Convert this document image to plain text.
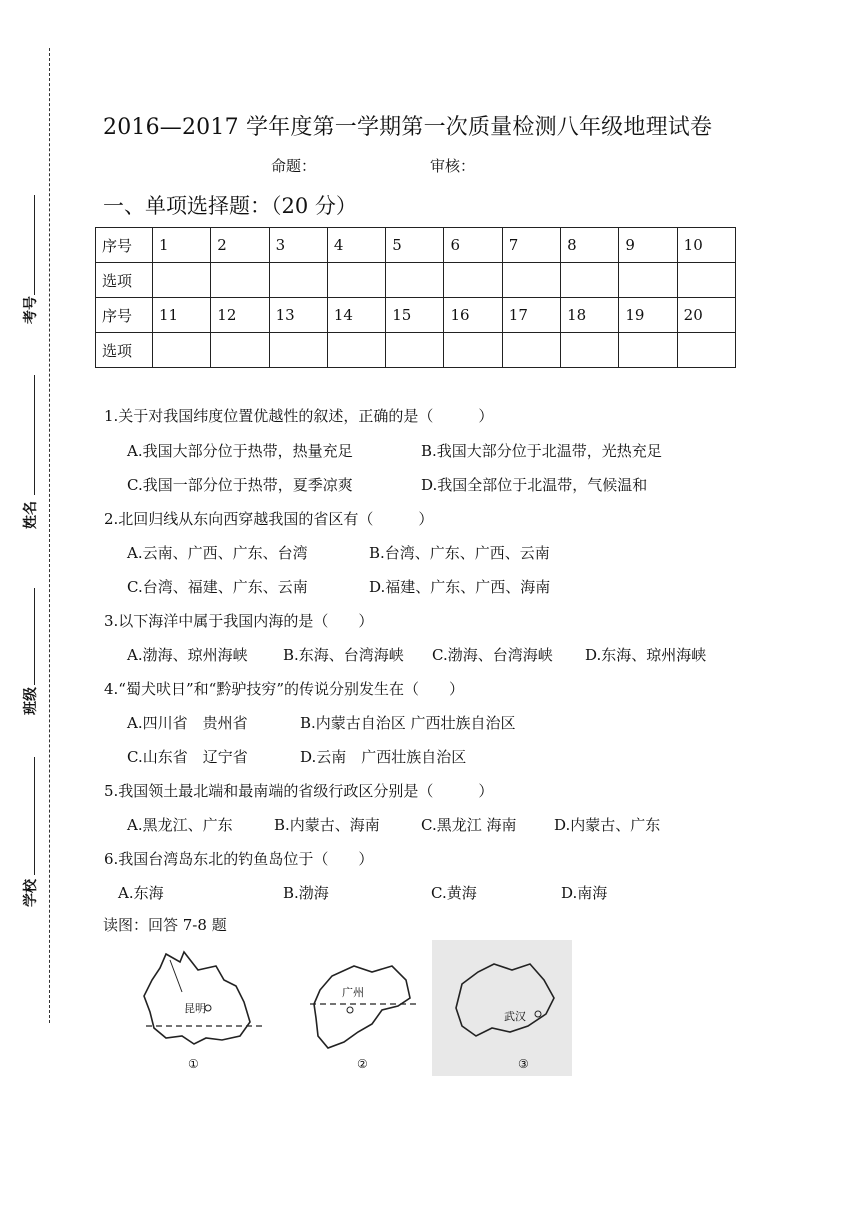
考号
姓名
班级
学校
2016—2017 学年度第一学期第一次质量检测八年级地理试卷
命题：	审核：
一、单项选择题：（20 分）
序号	1	2	3	4	5	6	7	8	9	10
选项										
序号	11	12	13	14	15	16	17	18	19	20
选项										
1.关于对我国纬度位置优越性的叙述，正确的是（　　　）
A.我国大部分位于热带，热量充足	B.我国大部分位于北温带，光热充足
C.我国一部分位于热带，夏季凉爽	D.我国全部位于北温带，气候温和
2.北回归线从东向西穿越我国的省区有（　　　）
A.云南、广西、广东、台湾	B.台湾、广东、广西、云南
C.台湾、福建、广东、云南	D.福建、广东、广西、海南
3.以下海洋中属于我国内海的是（　　）
A.渤海、琼州海峡 B.东海、台湾海峡 C.渤海、台湾海峡 D.东海、琼州海峡
4.“蜀犬吠日”和“黔驴技穷”的传说分别发生在（　　）
A.四川省　贵州省	B.内蒙古自治区 广西壮族自治区
C.山东省　辽宁省	D.云南　广西壮族自治区
5.我国领土最北端和最南端的省级行政区分别是（　　　）
A.黑龙江、广东	B.内蒙古、海南	C.黑龙江 海南	D.内蒙古、广东
6.我国台湾岛东北的钓鱼岛位于（　　）
A.东海	B.渤海	C.黄海	D.南海
读图：回答 7-8 题
昆明
①
广州
②
武汉
③
